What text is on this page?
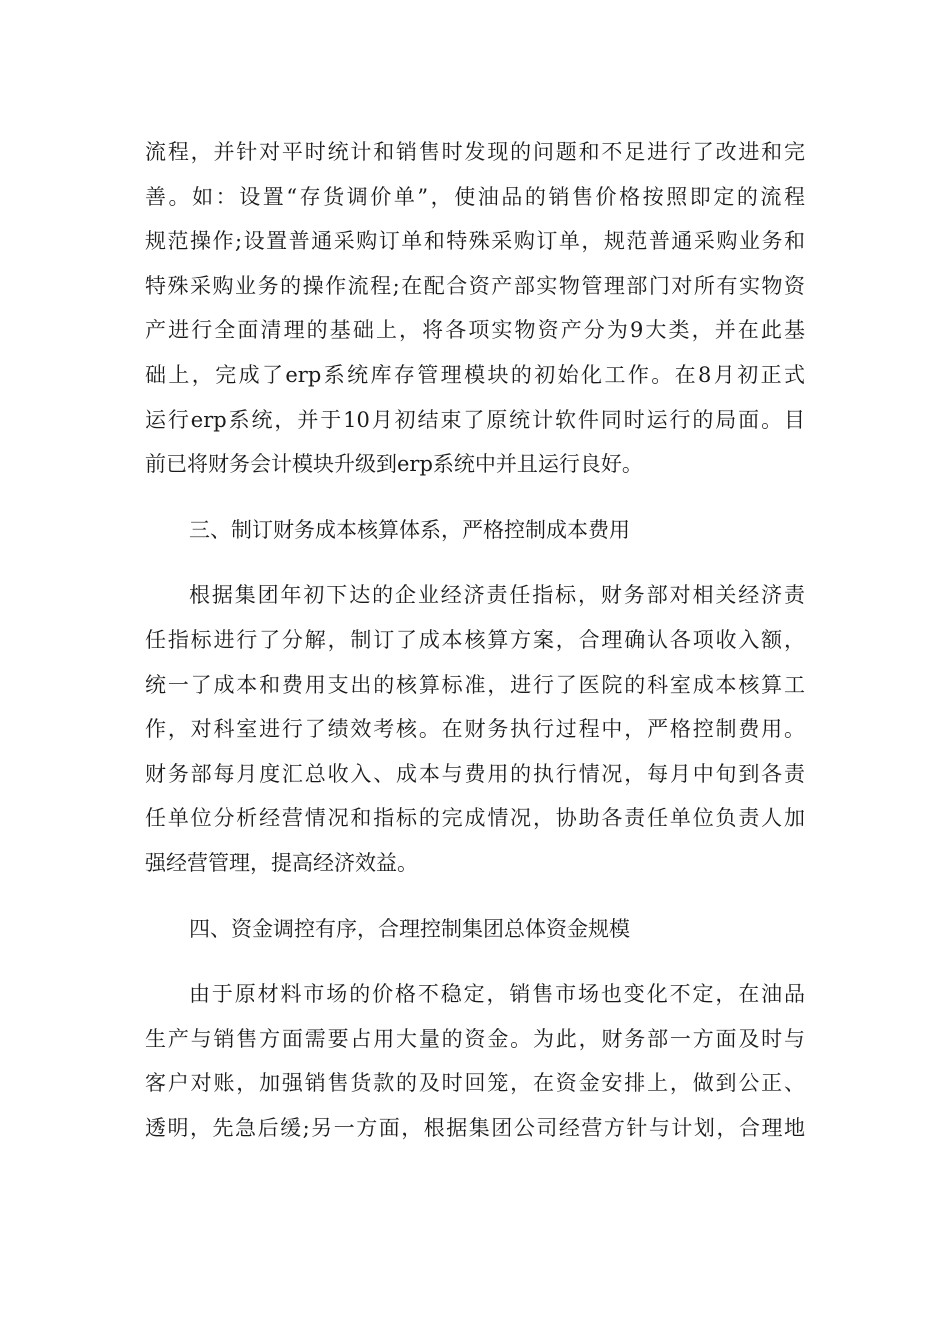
流程，并针对平时统计和销售时发现的问题和不足进行了改进和完
善。如：设置“存货调价单”，使油品的销售价格按照即定的流程
规范操作;设置普通采购订单和特殊采购订单，规范普通采购业务和
特殊采购业务的操作流程;在配合资产部实物管理部门对所有实物资
产进行全面清理的基础上，将各项实物资产分为9大类，并在此基
础上，完成了erp系统库存管理模块的初始化工作。在8月初正式
运行erp系统，并于10月初结束了原统计软件同时运行的局面。目
前已将财务会计模块升级到erp系统中并且运行良好。
三、制订财务成本核算体系，严格控制成本费用
根据集团年初下达的企业经济责任指标，财务部对相关经济责
任指标进行了分解，制订了成本核算方案，合理确认各项收入额，
统一了成本和费用支出的核算标准，进行了医院的科室成本核算工
作，对科室进行了绩效考核。在财务执行过程中，严格控制费用。
财务部每月度汇总收入、成本与费用的执行情况，每月中旬到各责
任单位分析经营情况和指标的完成情况，协助各责任单位负责人加
强经营管理，提高经济效益。
四、资金调控有序，合理控制集团总体资金规模
由于原材料市场的价格不稳定，销售市场也变化不定，在油品
生产与销售方面需要占用大量的资金。为此，财务部一方面及时与
客户对账，加强销售货款的及时回笼，在资金安排上，做到公正、
透明，先急后缓;另一方面，根据集团公司经营方针与计划，合理地
